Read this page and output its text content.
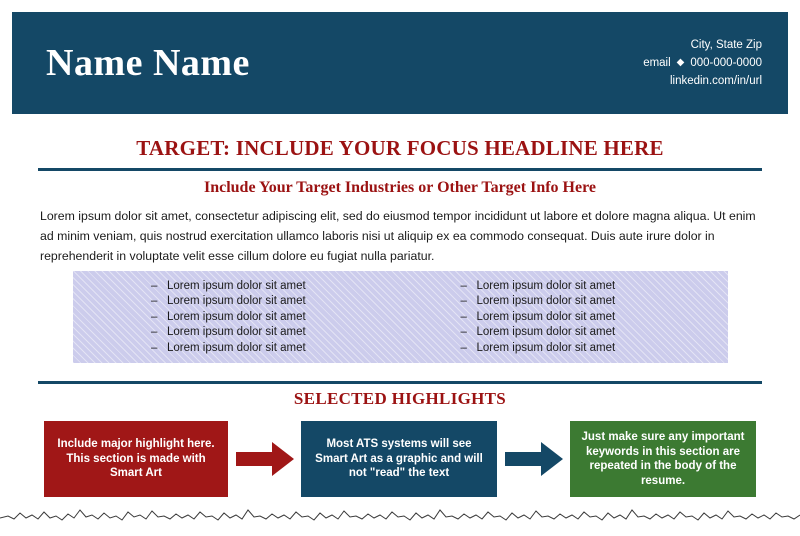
Name Name	City, State Zip
email ◆ 000-000-0000
linkedin.com/in/url
TARGET: INCLUDE YOUR FOCUS HEADLINE HERE
Include Your Target Industries or Other Target Info Here
Lorem ipsum dolor sit amet, consectetur adipiscing elit, sed do eiusmod tempor incididunt ut labore et dolore magna aliqua. Ut enim ad minim veniam, quis nostrud exercitation ullamco laboris nisi ut aliquip ex ea commodo consequat. Duis aute irure dolor in reprehenderit in voluptate velit esse cillum dolore eu fugiat nulla pariatur.
– Lorem ipsum dolor sit amet
– Lorem ipsum dolor sit amet
– Lorem ipsum dolor sit amet
– Lorem ipsum dolor sit amet
– Lorem ipsum dolor sit amet
– Lorem ipsum dolor sit amet
– Lorem ipsum dolor sit amet
– Lorem ipsum dolor sit amet
– Lorem ipsum dolor sit amet
– Lorem ipsum dolor sit amet
SELECTED HIGHLIGHTS
Include major highlight here. This section is made with Smart Art
Most ATS systems will see Smart Art as a graphic and will not "read" the text
Just make sure any important keywords in this section are repeated in the body of the resume.
